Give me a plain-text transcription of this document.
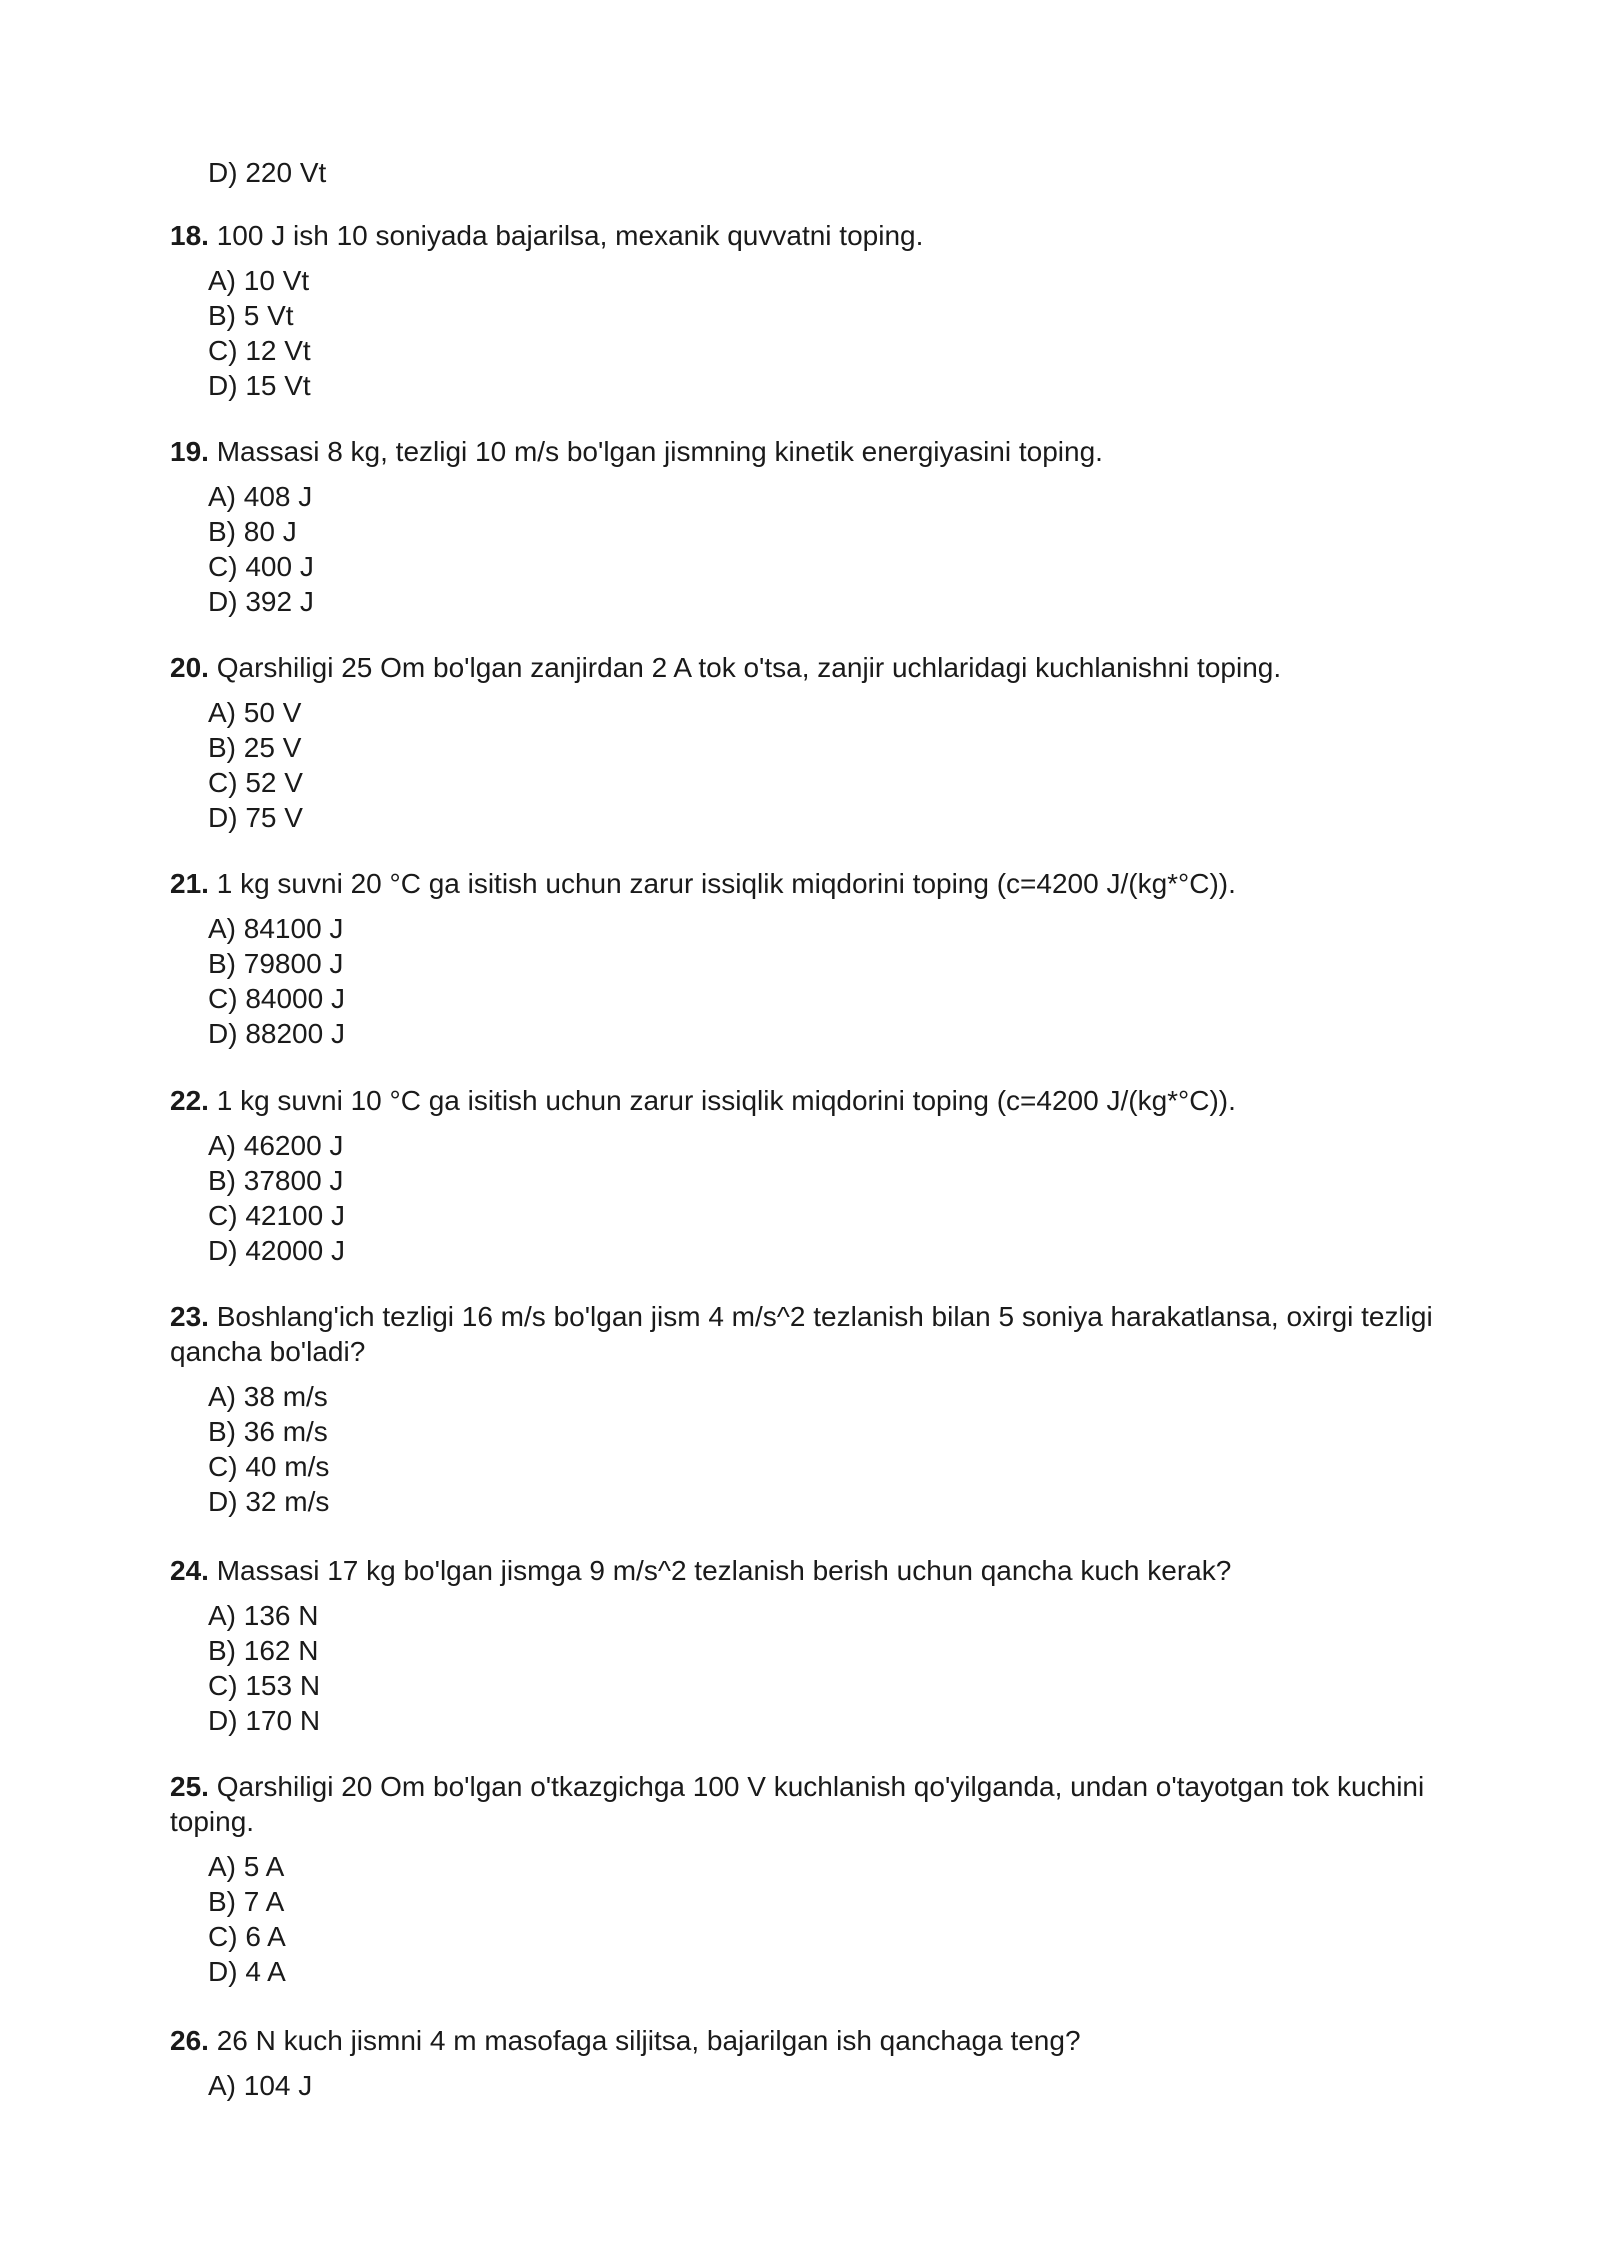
D) 220 Vt

18. 100 J ish 10 soniyada bajarilsa, mexanik quvvatni toping.

A) 10 Vt
B) 5 Vt
C) 12 Vt
D) 15 Vt

19. Massasi 8 kg, tezligi 10 m/s bo'lgan jismning kinetik energiyasini toping.

A) 408 J
B) 80 J
C) 400 J
D) 392 J

20. Qarshiligi 25 Om bo'lgan zanjirdan 2 A tok o'tsa, zanjir uchlaridagi kuchlanishni toping.

A) 50 V
B) 25 V
C) 52 V
D) 75 V

21. 1 kg suvni 20 °C ga isitish uchun zarur issiqlik miqdorini toping (c=4200 J/(kg*°C)).

A) 84100 J
B) 79800 J
C) 84000 J
D) 88200 J

22. 1 kg suvni 10 °C ga isitish uchun zarur issiqlik miqdorini toping (c=4200 J/(kg*°C)).

A) 46200 J
B) 37800 J
C) 42100 J
D) 42000 J

23. Boshlang'ich tezligi 16 m/s bo'lgan jism 4 m/s^2 tezlanish bilan 5 soniya harakatlansa, oxirgi tezligi qancha bo'ladi?

A) 38 m/s
B) 36 m/s
C) 40 m/s
D) 32 m/s

24. Massasi 17 kg bo'lgan jismga 9 m/s^2 tezlanish berish uchun qancha kuch kerak?

A) 136 N
B) 162 N
C) 153 N
D) 170 N

25. Qarshiligi 20 Om bo'lgan o'tkazgichga 100 V kuchlanish qo'yilganda, undan o'tayotgan tok kuchini toping.

A) 5 A
B) 7 A
C) 6 A
D) 4 A

26. 26 N kuch jismni 4 m masofaga siljitsa, bajarilgan ish qanchaga teng?

A) 104 J
